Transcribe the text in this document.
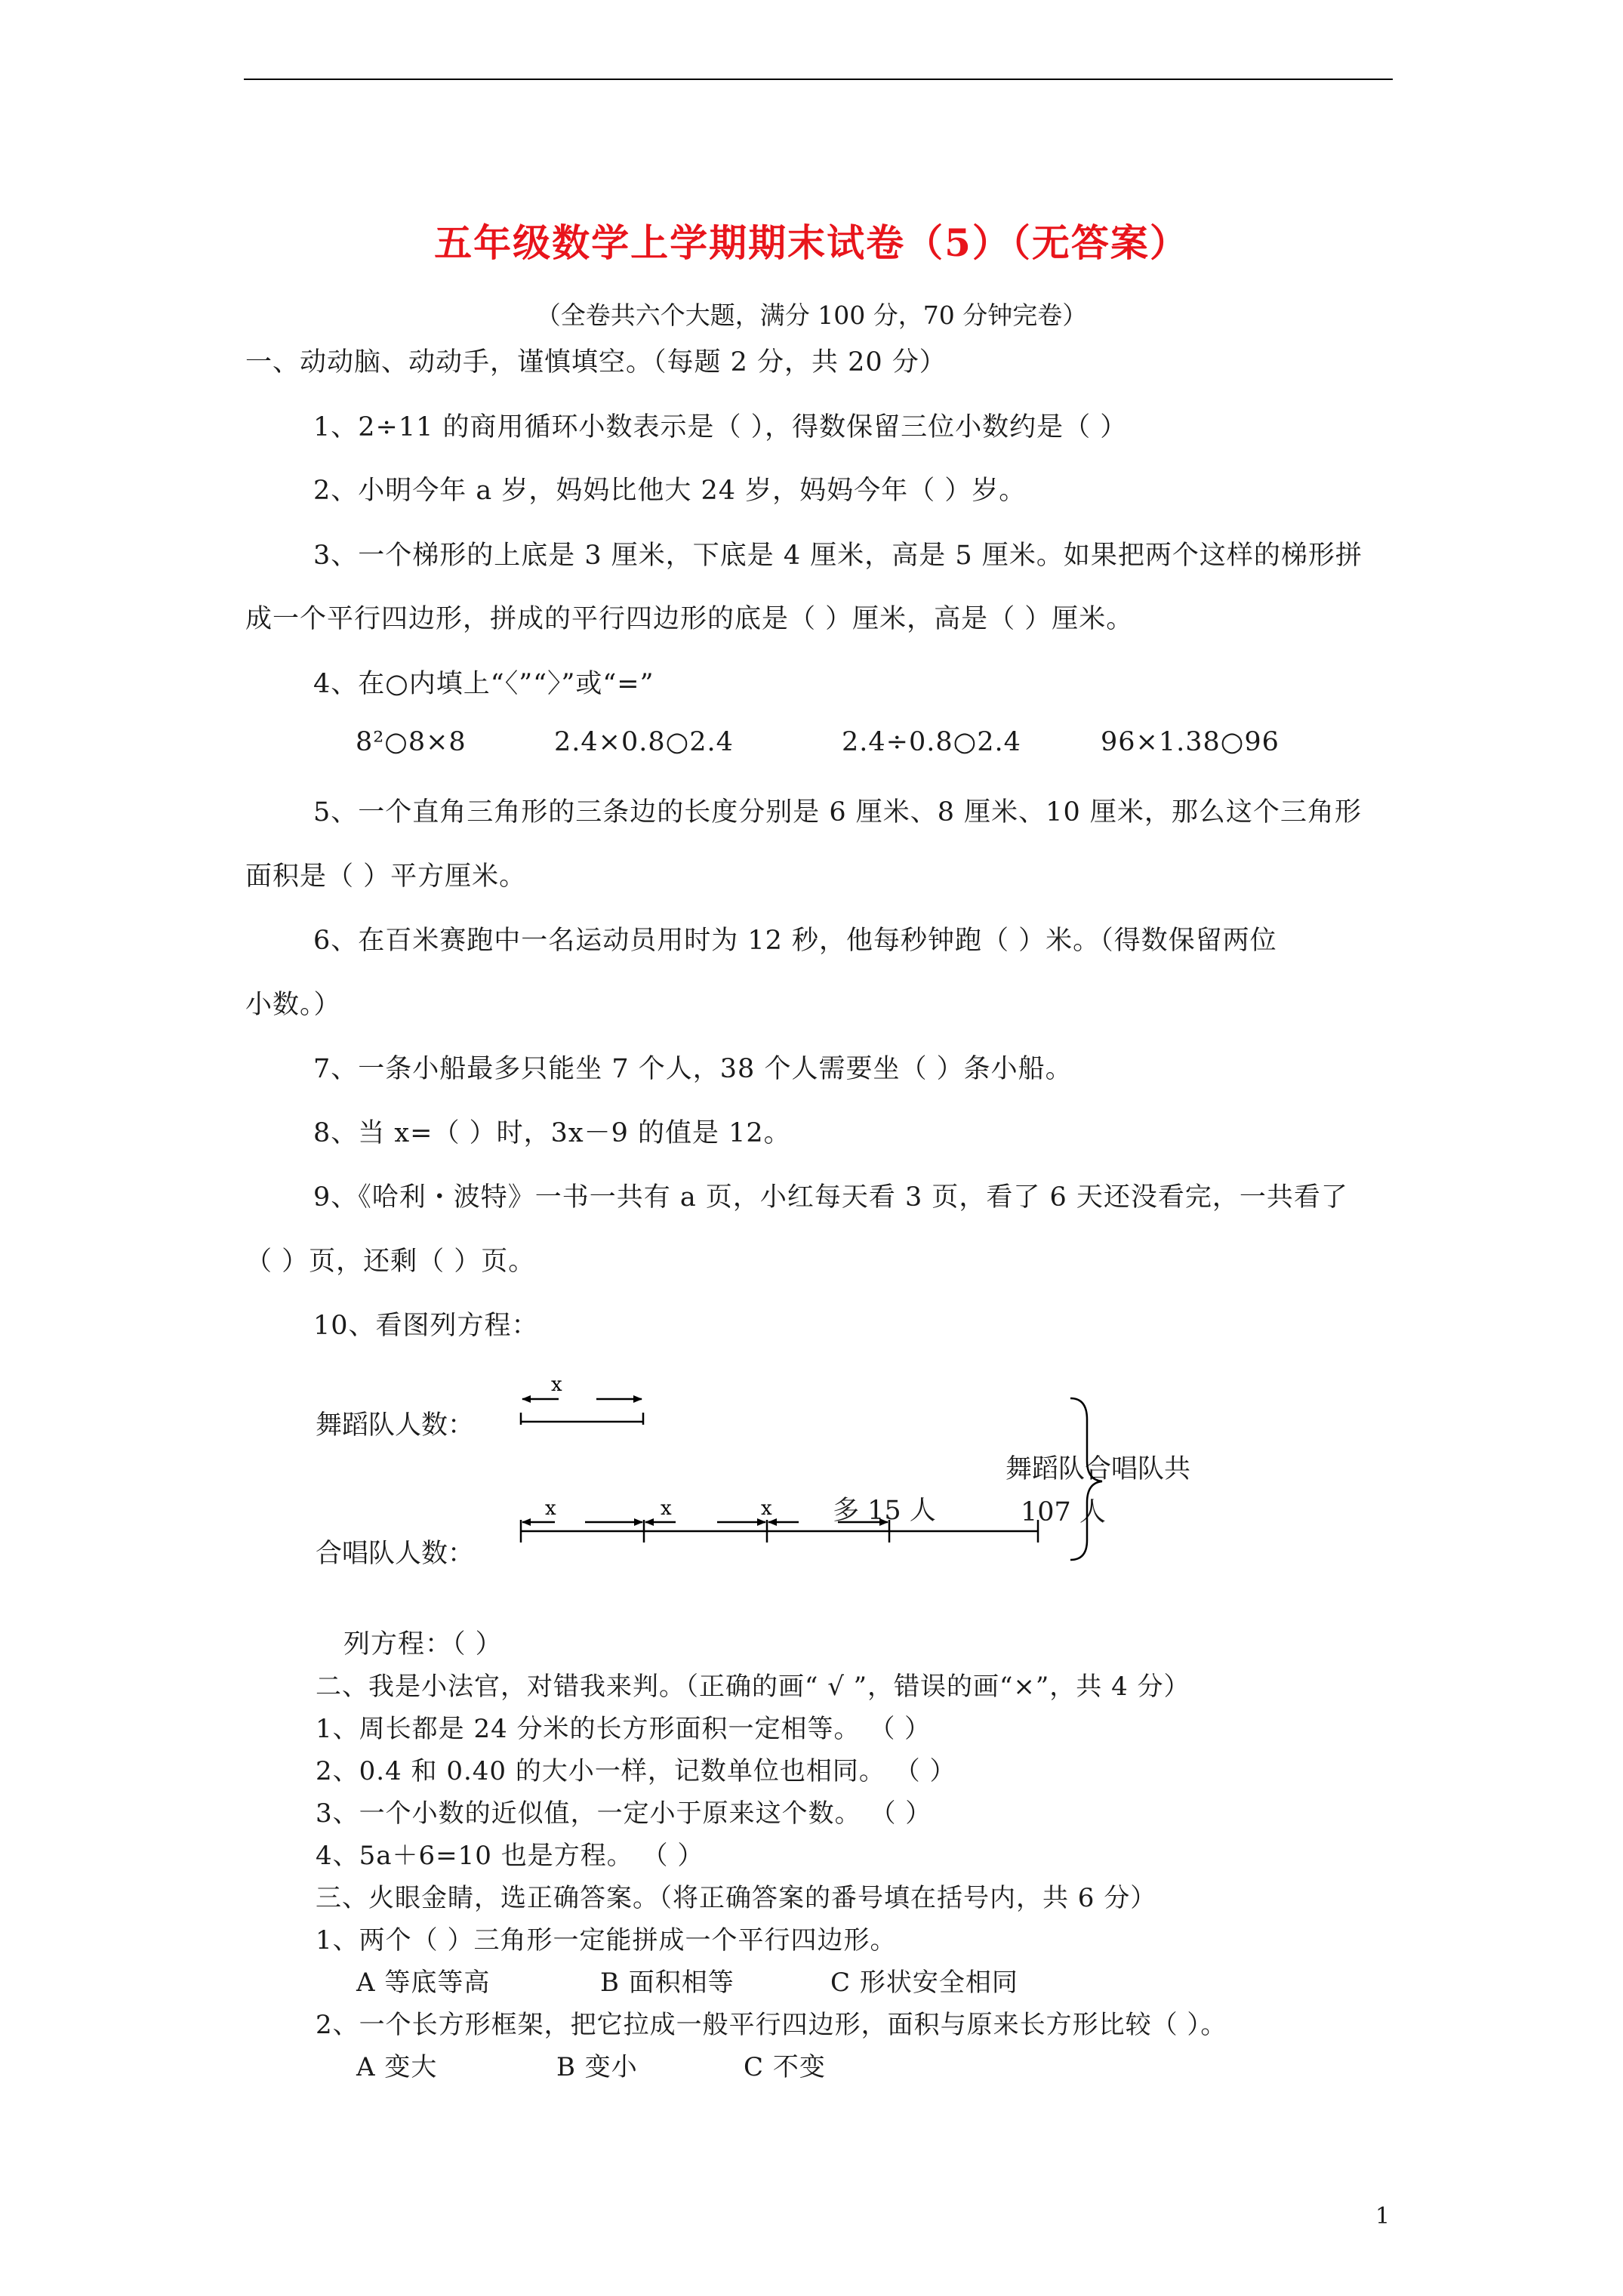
五年级数学上学期期末试卷（5）（无答案）
（全卷共六个大题，满分 100 分，70 分钟完卷）
一、动动脑、动动手，谨慎填空。（每题 2 分，共 20 分）
1、2÷11 的商用循环小数表示是（ ），得数保留三位小数约是（ ）
2、小明今年 a 岁，妈妈比他大 24 岁，妈妈今年（ ）岁。
3、一个梯形的上底是 3 厘米，下底是 4 厘米，高是 5 厘米。如果把两个这样的梯形拼
成一个平行四边形，拼成的平行四边形的底是（ ）厘米，高是（ ）厘米。
4、在○内填上“〈”“〉”或“=”
8²○8×8	2.4×0.8○2.4	2.4÷0.8○2.4	96×1.38○96
5、一个直角三角形的三条边的长度分别是 6 厘米、8 厘米、10 厘米，那么这个三角形
面积是（ ）平方厘米。
6、在百米赛跑中一名运动员用时为 12 秒，他每秒钟跑（ ）米。（得数保留两位
小数。）
7、一条小船最多只能坐 7 个人，38 个人需要坐（ ）条小船。
8、当 x=（ ）时，3x－9 的值是 12。
9、《哈利・波特》一书一共有 a 页，小红每天看 3 页，看了 6 天还没看完，一共看了
（ ）页，还剩（ ）页。
10、看图列方程：
舞蹈队人数：
合唱队人数：
舞蹈队合唱队共
107 人
多 15 人
x
x	x	x
列方程：（ ）
二、我是小法官，对错我来判。（正确的画“ √ ”，错误的画“×”，共 4 分）
1、周长都是 24 分米的长方形面积一定相等。 （ ）
2、0.4 和 0.40 的大小一样，记数单位也相同。 （ ）
3、一个小数的近似值，一定小于原来这个数。 （ ）
4、5a＋6=10 也是方程。 （ ）
三、火眼金睛，选正确答案。（将正确答案的番号填在括号内，共 6 分）
1、两个（ ）三角形一定能拼成一个平行四边形。
A 等底等高	B 面积相等	C 形状安全相同
2、一个长方形框架，把它拉成一般平行四边形，面积与原来长方形比较（ ）。
A 变大	B 变小	C 不变
1
